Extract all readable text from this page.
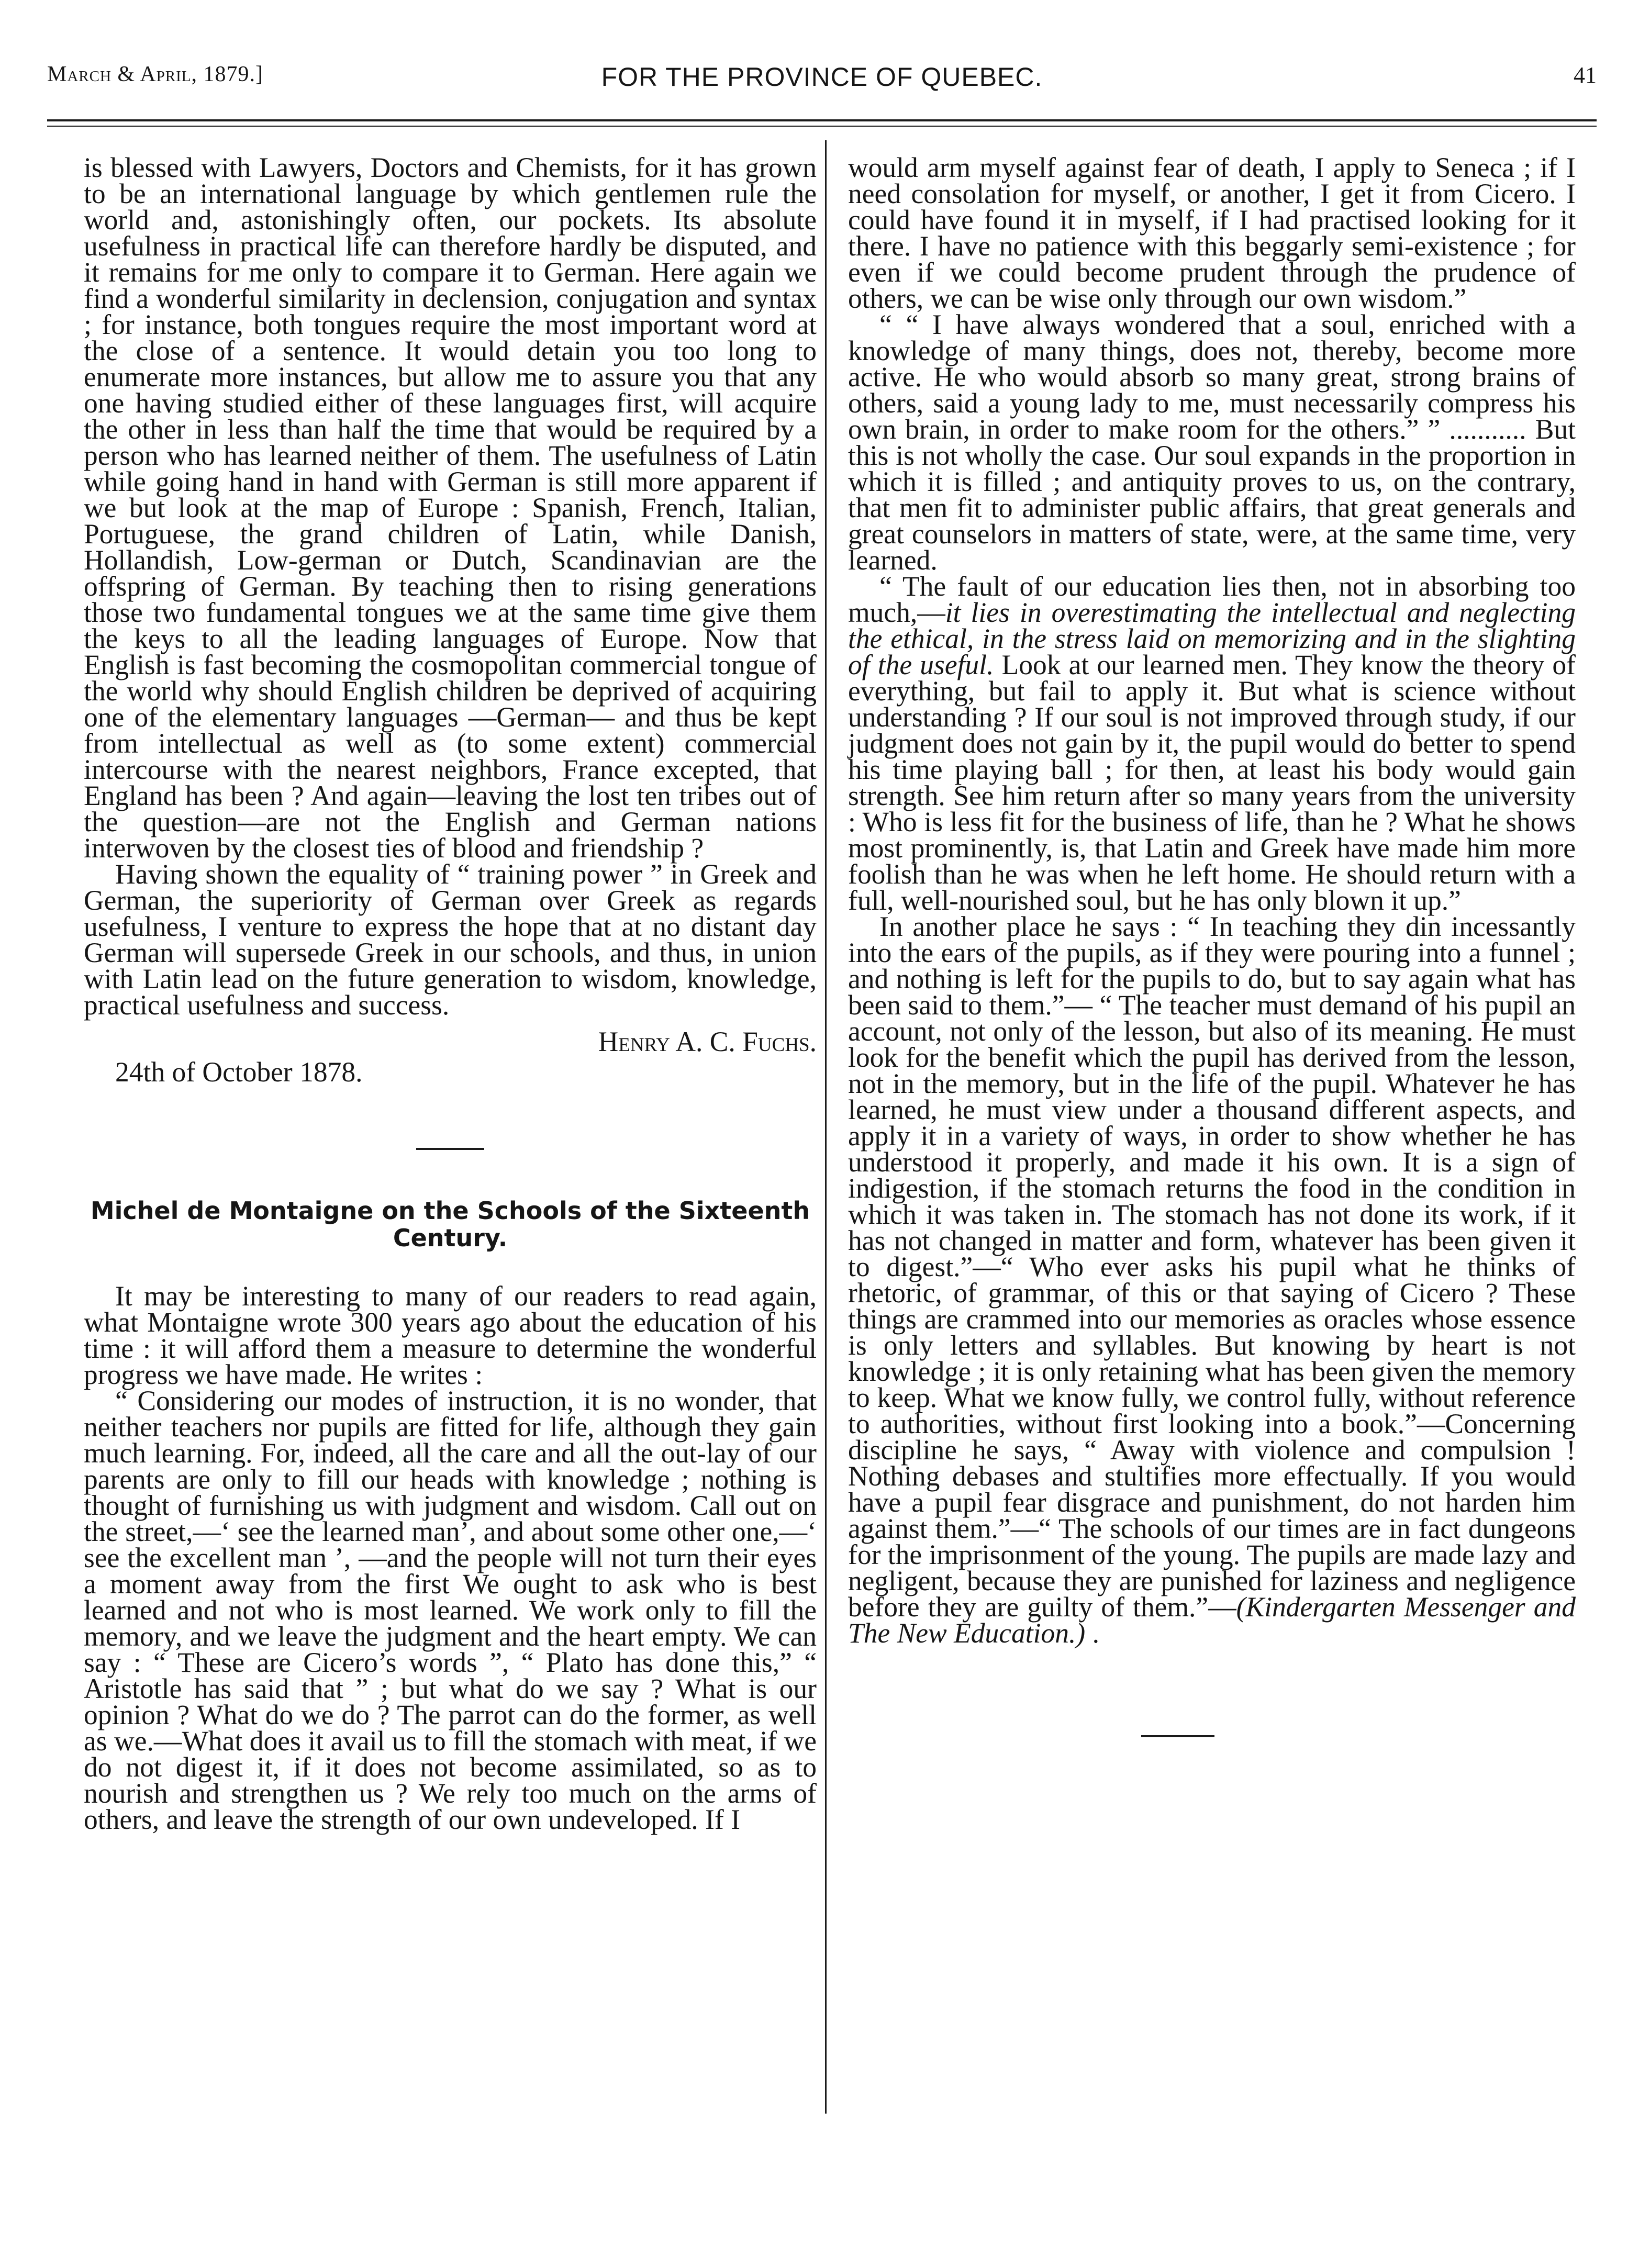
March & April, 1879.]	FOR THE PROVINCE OF QUEBEC.	41

is blessed with Lawyers, Doctors and Chemists, for it has grown to be an international language by which gentlemen rule the world and, astonishingly often, our pockets. Its absolute usefulness in practical life can therefore hardly be disputed, and it remains for me only to compare it to German. Here again we find a wonderful similarity in declension, conjugation and syntax ; for instance, both tongues require the most important word at the close of a sentence. It would detain you too long to enumerate more instances, but allow me to assure you that any one having studied either of these languages first, will acquire the other in less than half the time that would be required by a person who has learned neither of them. The usefulness of Latin while going hand in hand with German is still more apparent if we but look at the map of Europe : Spanish, French, Italian, Portuguese, the grand children of Latin, while Danish, Hollandish, Low-german or Dutch, Scandinavian are the offspring of German. By teaching then to rising generations those two fundamental tongues we at the same time give them the keys to all the leading languages of Europe. Now that English is fast becoming the cosmopolitan commercial tongue of the world why should English children be deprived of acquiring one of the elementary languages —German— and thus be kept from intellectual as well as (to some extent) commercial intercourse with the nearest neighbors, France excepted, that England has been ? And again—leaving the lost ten tribes out of the question—are not the English and German nations interwoven by the closest ties of blood and friendship ?

Having shown the equality of “ training power ” in Greek and German, the superiority of German over Greek as regards usefulness, I venture to express the hope that at no distant day German will supersede Greek in our schools, and thus, in union with Latin lead on the future generation to wisdom, knowledge, practical usefulness and success.

Henry A. C. Fuchs.

24th of October 1878.

Michel de Montaigne on the Schools of the Sixteenth Century.

It may be interesting to many of our readers to read again, what Montaigne wrote 300 years ago about the education of his time : it will afford them a measure to determine the wonderful progress we have made. He writes :

“ Considering our modes of instruction, it is no wonder, that neither teachers nor pupils are fitted for life, although they gain much learning. For, indeed, all the care and all the out-lay of our parents are only to fill our heads with knowledge ; nothing is thought of furnishing us with judgment and wisdom. Call out on the street,—‘ see the learned man’, and about some other one,—‘ see the excellent man ’, —and the people will not turn their eyes a moment away from the first We ought to ask who is best learned and not who is most learned. We work only to fill the memory, and we leave the judgment and the heart empty. We can say : “ These are Cicero’s words ”, “ Plato has done this,” “ Aristotle has said that ” ; but what do we say ? What is our opinion ? What do we do ? The parrot can do the former, as well as we.—What does it avail us to fill the stomach with meat, if we do not digest it, if it does not become assimilated, so as to nourish and strengthen us ? We rely too much on the arms of others, and leave the strength of our own undeveloped. If I

would arm myself against fear of death, I apply to Seneca ; if I need consolation for myself, or another, I get it from Cicero. I could have found it in myself, if I had practised looking for it there. I have no patience with this beggarly semi-existence ; for even if we could become prudent through the prudence of others, we can be wise only through our own wisdom.”

“ “ I have always wondered that a soul, enriched with a knowledge of many things, does not, thereby, become more active. He who would absorb so many great, strong brains of others, said a young lady to me, must necessarily compress his own brain, in order to make room for the others.” ” ........... But this is not wholly the case. Our soul expands in the proportion in which it is filled ; and antiquity proves to us, on the contrary, that men fit to administer public affairs, that great generals and great counselors in matters of state, were, at the same time, very learned.

“ The fault of our education lies then, not in absorbing too much,—it lies in overestimating the intellectual and neglecting the ethical, in the stress laid on memorizing and in the slighting of the useful. Look at our learned men. They know the theory of everything, but fail to apply it. But what is science without understanding ? If our soul is not improved through study, if our judgment does not gain by it, the pupil would do better to spend his time playing ball ; for then, at least his body would gain strength. See him return after so many years from the university : Who is less fit for the business of life, than he ? What he shows most prominently, is, that Latin and Greek have made him more foolish than he was when he left home. He should return with a full, well-nourished soul, but he has only blown it up.”

In another place he says : “ In teaching they din incessantly into the ears of the pupils, as if they were pouring into a funnel ; and nothing is left for the pupils to do, but to say again what has been said to them.”— “ The teacher must demand of his pupil an account, not only of the lesson, but also of its meaning. He must look for the benefit which the pupil has derived from the lesson, not in the memory, but in the life of the pupil. Whatever he has learned, he must view under a thousand different aspects, and apply it in a variety of ways, in order to show whether he has understood it properly, and made it his own. It is a sign of indigestion, if the stomach returns the food in the condition in which it was taken in. The stomach has not done its work, if it has not changed in matter and form, whatever has been given it to digest.”—“ Who ever asks his pupil what he thinks of rhetoric, of grammar, of this or that saying of Cicero ? These things are crammed into our memories as oracles whose essence is only letters and syllables. But knowing by heart is not knowledge ; it is only retaining what has been given the memory to keep. What we know fully, we control fully, without reference to authorities, without first looking into a book.”—Concerning discipline he says, “ Away with violence and compulsion ! Nothing debases and stultifies more effectually. If you would have a pupil fear disgrace and punishment, do not harden him against them.”—“ The schools of our times are in fact dungeons for the imprisonment of the young. The pupils are made lazy and negligent, because they are punished for laziness and negligence before they are guilty of them.”—(Kindergarten Messenger and The New Education.) .
